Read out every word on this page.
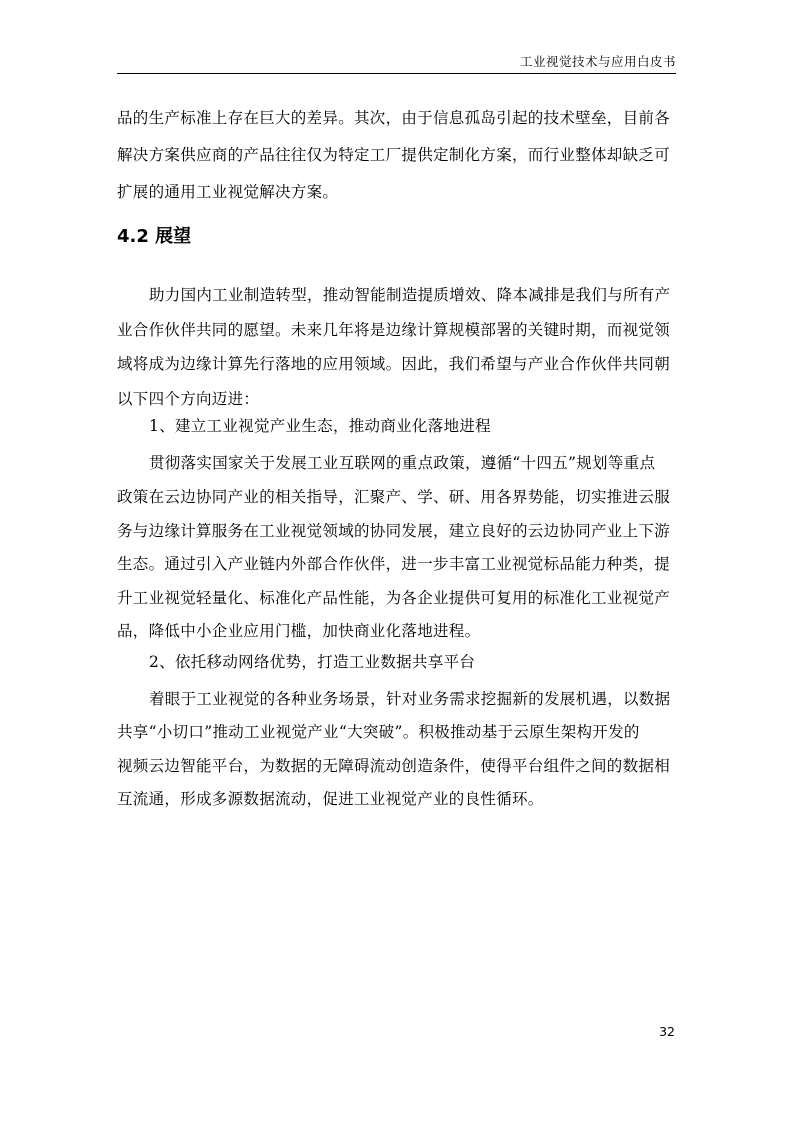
工业视觉技术与应用白皮书
品的生产标准上存在巨大的差异。其次，由于信息孤岛引起的技术壁垒，目前各
解决方案供应商的产品往往仅为特定工厂提供定制化方案，而行业整体却缺乏可
扩展的通用工业视觉解决方案。
4.2 展望
助力国内工业制造转型，推动智能制造提质增效、降本减排是我们与所有产
业合作伙伴共同的愿望。未来几年将是边缘计算规模部署的关键时期，而视觉领
域将成为边缘计算先行落地的应用领域。因此，我们希望与产业合作伙伴共同朝
以下四个方向迈进：
1、建立工业视觉产业生态，推动商业化落地进程
贯彻落实国家关于发展工业互联网的重点政策，遵循“十四五”规划等重点
政策在云边协同产业的相关指导，汇聚产、学、研、用各界势能，切实推进云服
务与边缘计算服务在工业视觉领域的协同发展，建立良好的云边协同产业上下游
生态。通过引入产业链内外部合作伙伴，进一步丰富工业视觉标品能力种类，提
升工业视觉轻量化、标准化产品性能，为各企业提供可复用的标准化工业视觉产
品，降低中小企业应用门槛，加快商业化落地进程。
2、依托移动网络优势，打造工业数据共享平台
着眼于工业视觉的各种业务场景，针对业务需求挖掘新的发展机遇，以数据
共享“小切口”推动工业视觉产业“大突破”。积极推动基于云原生架构开发的
视频云边智能平台，为数据的无障碍流动创造条件，使得平台组件之间的数据相
互流通，形成多源数据流动，促进工业视觉产业的良性循环。
32
